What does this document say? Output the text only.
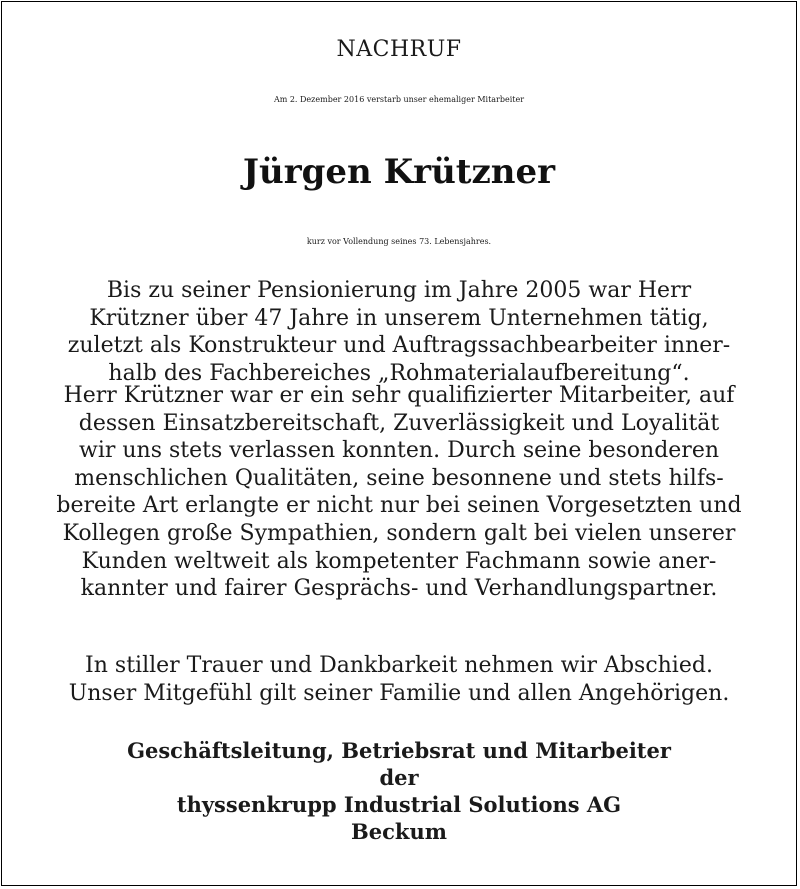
NACHRUF
Am 2. Dezember 2016 verstarb unser ehemaliger Mitarbeiter
Jürgen Krützner
kurz vor Vollendung seines 73. Lebensjahres.
Bis zu seiner Pensionierung im Jahre 2005 war Herr
Krützner über 47 Jahre in unserem Unternehmen tätig,
zuletzt als Konstrukteur und Auftragssachbearbeiter inner-
halb des Fachbereiches „Rohmaterialaufbereitung“.
Herr Krützner war er ein sehr qualifizierter Mitarbeiter, auf
dessen Einsatzbereitschaft, Zuverlässigkeit und Loyalität
wir uns stets verlassen konnten. Durch seine besonderen
menschlichen Qualitäten, seine besonnene und stets hilfs-
bereite Art erlangte er nicht nur bei seinen Vorgesetzten und
Kollegen große Sympathien, sondern galt bei vielen unserer
Kunden weltweit als kompetenter Fachmann sowie aner-
kannter und fairer Gesprächs- und Verhandlungspartner.
In stiller Trauer und Dankbarkeit nehmen wir Abschied.
Unser Mitgefühl gilt seiner Familie und allen Angehörigen.
Geschäftsleitung, Betriebsrat und Mitarbeiter
der
thyssenkrupp Industrial Solutions AG
Beckum
